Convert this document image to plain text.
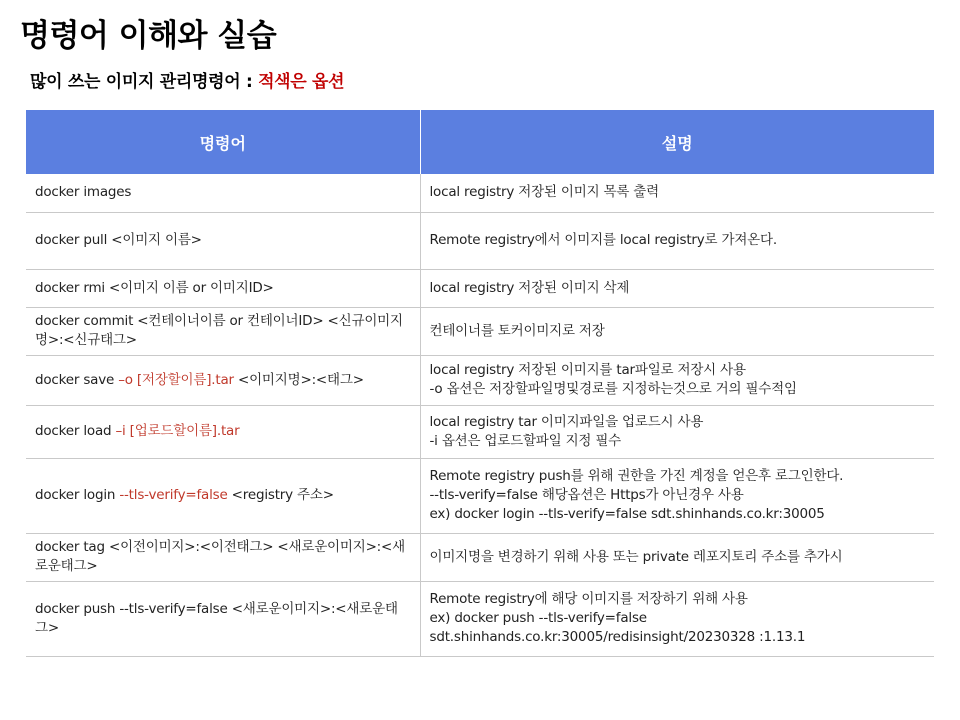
명령어 이해와 실습
많이 쓰는 이미지 관리명령어 : 적색은 옵션
명령어	설명
docker images	local registry 저장된 이미지 목록 출력

docker pull <이미지 이름>	Remote registry에서 이미지를 local registry로 가져온다.

docker rmi <이미지 이름 or 이미지ID>	local registry 저장된 이미지 삭제

docker commit <컨테이너이름 or 컨테이너ID> <신규이미지명>:<신규태그>	컨테이너를 토커이미지로 저장

docker save –o [저장할이름].tar <이미지명>:<태그>	local registry 저장된 이미지를 tar파일로 저장시 사용
-o 옵션은 저장할파일명및경로를 지정하는것으로 거의 필수적임

docker load –i [업로드할이름].tar	local registry tar 이미지파일을 업로드시 사용
-i 옵션은 업로드할파일 지정 필수

docker login --tls-verify=false <registry 주소>	Remote registry push를 위해 권한을 가진 계정을 얻은후 로그인한다.
--tls-verify=false 해당옵션은 Https가 아닌경우 사용
ex) docker login --tls-verify=false sdt.shinhands.co.kr:30005

docker tag <이전이미지>:<이전태그> <새로운이미지>:<새로운태그>	이미지명을 변경하기 위해 사용 또는 private 레포지토리 주소를 추가시

docker push --tls-verify=false <새로운이미지>:<새로운태그>	Remote registry에 해당 이미지를 저장하기 위해 사용
ex) docker push --tls-verify=false
sdt.shinhands.co.kr:30005/redisinsight/20230328 :1.13.1
